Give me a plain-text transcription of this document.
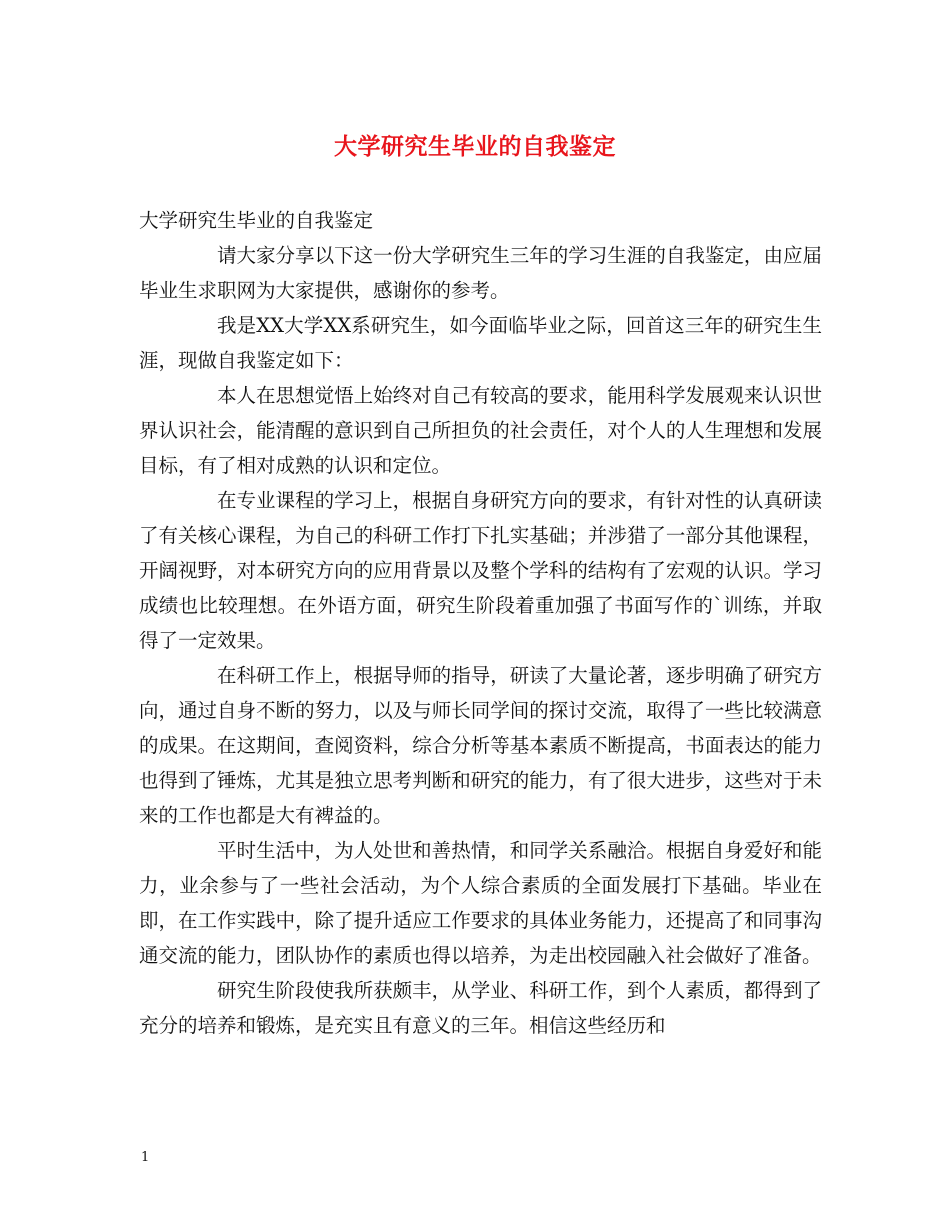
大学研究生毕业的自我鉴定

大学研究生毕业的自我鉴定

请大家分享以下这一份大学研究生三年的学习生涯的自我鉴定，由应届毕业生求职网为大家提供，感谢你的参考。

我是XX大学XX系研究生，如今面临毕业之际，回首这三年的研究生生涯，现做自我鉴定如下：

本人在思想觉悟上始终对自己有较高的要求，能用科学发展观来认识世界认识社会，能清醒的意识到自己所担负的社会责任，对个人的人生理想和发展目标，有了相对成熟的认识和定位。

在专业课程的学习上，根据自身研究方向的要求，有针对性的认真研读了有关核心课程，为自己的科研工作打下扎实基础；并涉猎了一部分其他课程，开阔视野，对本研究方向的应用背景以及整个学科的结构有了宏观的认识。学习成绩也比较理想。在外语方面，研究生阶段着重加强了书面写作的`训练，并取得了一定效果。

在科研工作上，根据导师的指导，研读了大量论著，逐步明确了研究方向，通过自身不断的努力，以及与师长同学间的探讨交流，取得了一些比较满意的成果。在这期间，查阅资料，综合分析等基本素质不断提高，书面表达的能力也得到了锤炼，尤其是独立思考判断和研究的能力，有了很大进步，这些对于未来的工作也都是大有裨益的。

平时生活中，为人处世和善热情，和同学关系融洽。根据自身爱好和能力，业余参与了一些社会活动，为个人综合素质的全面发展打下基础。毕业在即，在工作实践中，除了提升适应工作要求的具体业务能力，还提高了和同事沟通交流的能力，团队协作的素质也得以培养，为走出校园融入社会做好了准备。

研究生阶段使我所获颇丰，从学业、科研工作，到个人素质，都得到了充分的培养和锻炼，是充实且有意义的三年。相信这些经历和

1
